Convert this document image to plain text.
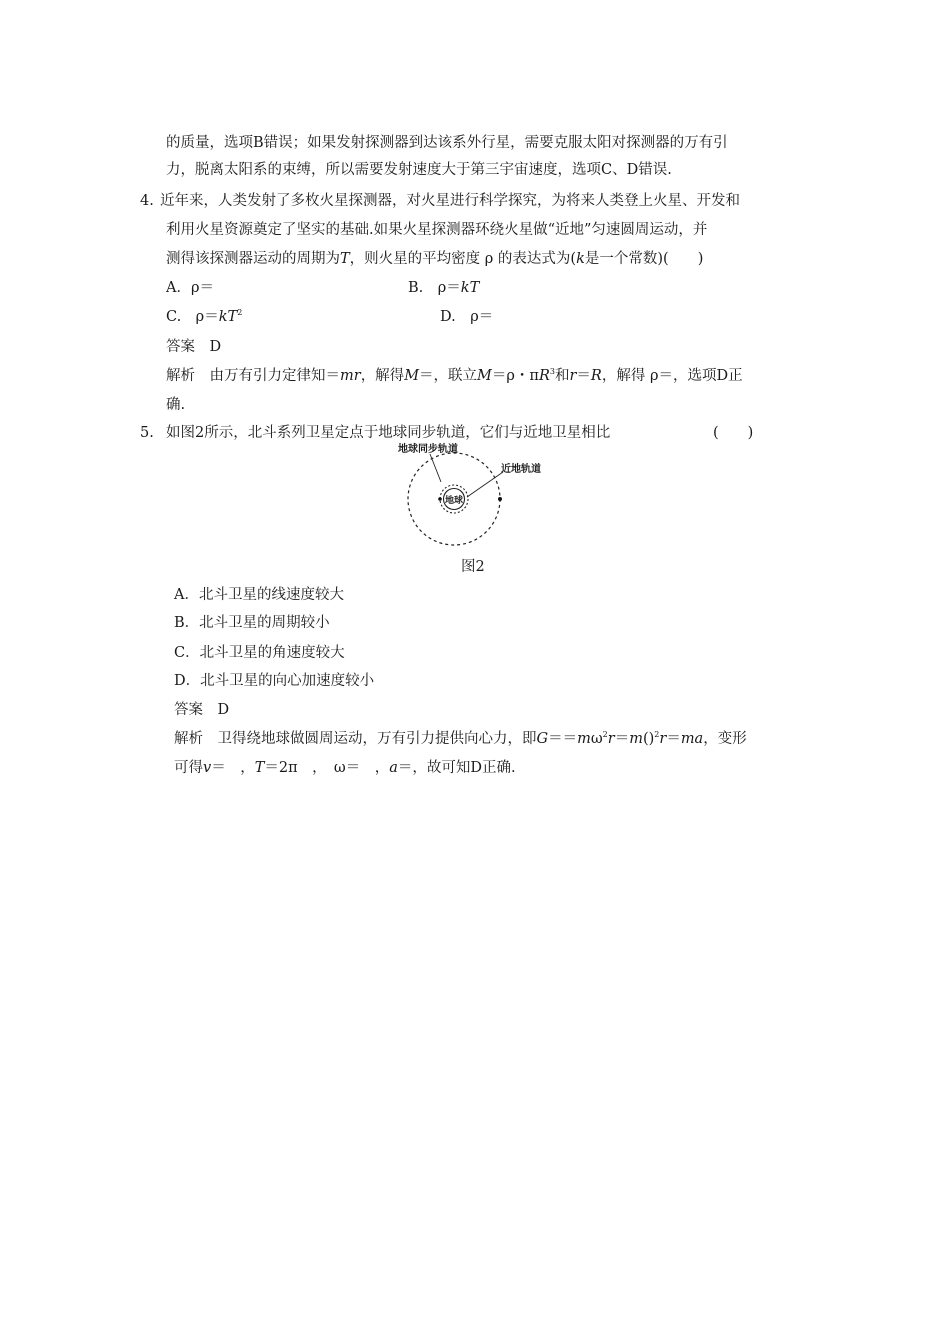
的质量，选项B错误；如果发射探测器到达该系外行星，需要克服太阳对探测器的万有引
力，脱离太阳系的束缚，所以需要发射速度大于第三宇宙速度，选项C、D错误.
4. 近年来，人类发射了多枚火星探测器，对火星进行科学探究，为将来人类登上火星、开发和
利用火星资源奠定了坚实的基础.如果火星探测器环绕火星做“近地”匀速圆周运动，并
测得该探测器运动的周期为T，则火星的平均密度 ρ 的表达式为(k是一个常数)(　　)
A．ρ＝	B.　ρ＝kT
C.　$\rho=kT^2$	D.　ρ＝
答案　D
解析　由万有引力定律知＝mr，解得M＝，联立M＝ρ・$\pi R^3$和r＝R，解得 ρ＝，选项D正
确.
5. 如图2所示，北斗系列卫星定点于地球同步轨道，它们与近地卫星相比	(　　)
地球同步轨道
近地轨道
地球
图2
A．北斗卫星的线速度较大
B．北斗卫星的周期较小
C．北斗卫星的角速度较大
D．北斗卫星的向心加速度较小
答案　D
解析　卫得绕地球做圆周运动，万有引力提供向心力，即$G==m\omega^2r=m()^2r=ma$，变形
可得v＝　，T＝2π　，　ω＝　，a＝，故可知D正确.
